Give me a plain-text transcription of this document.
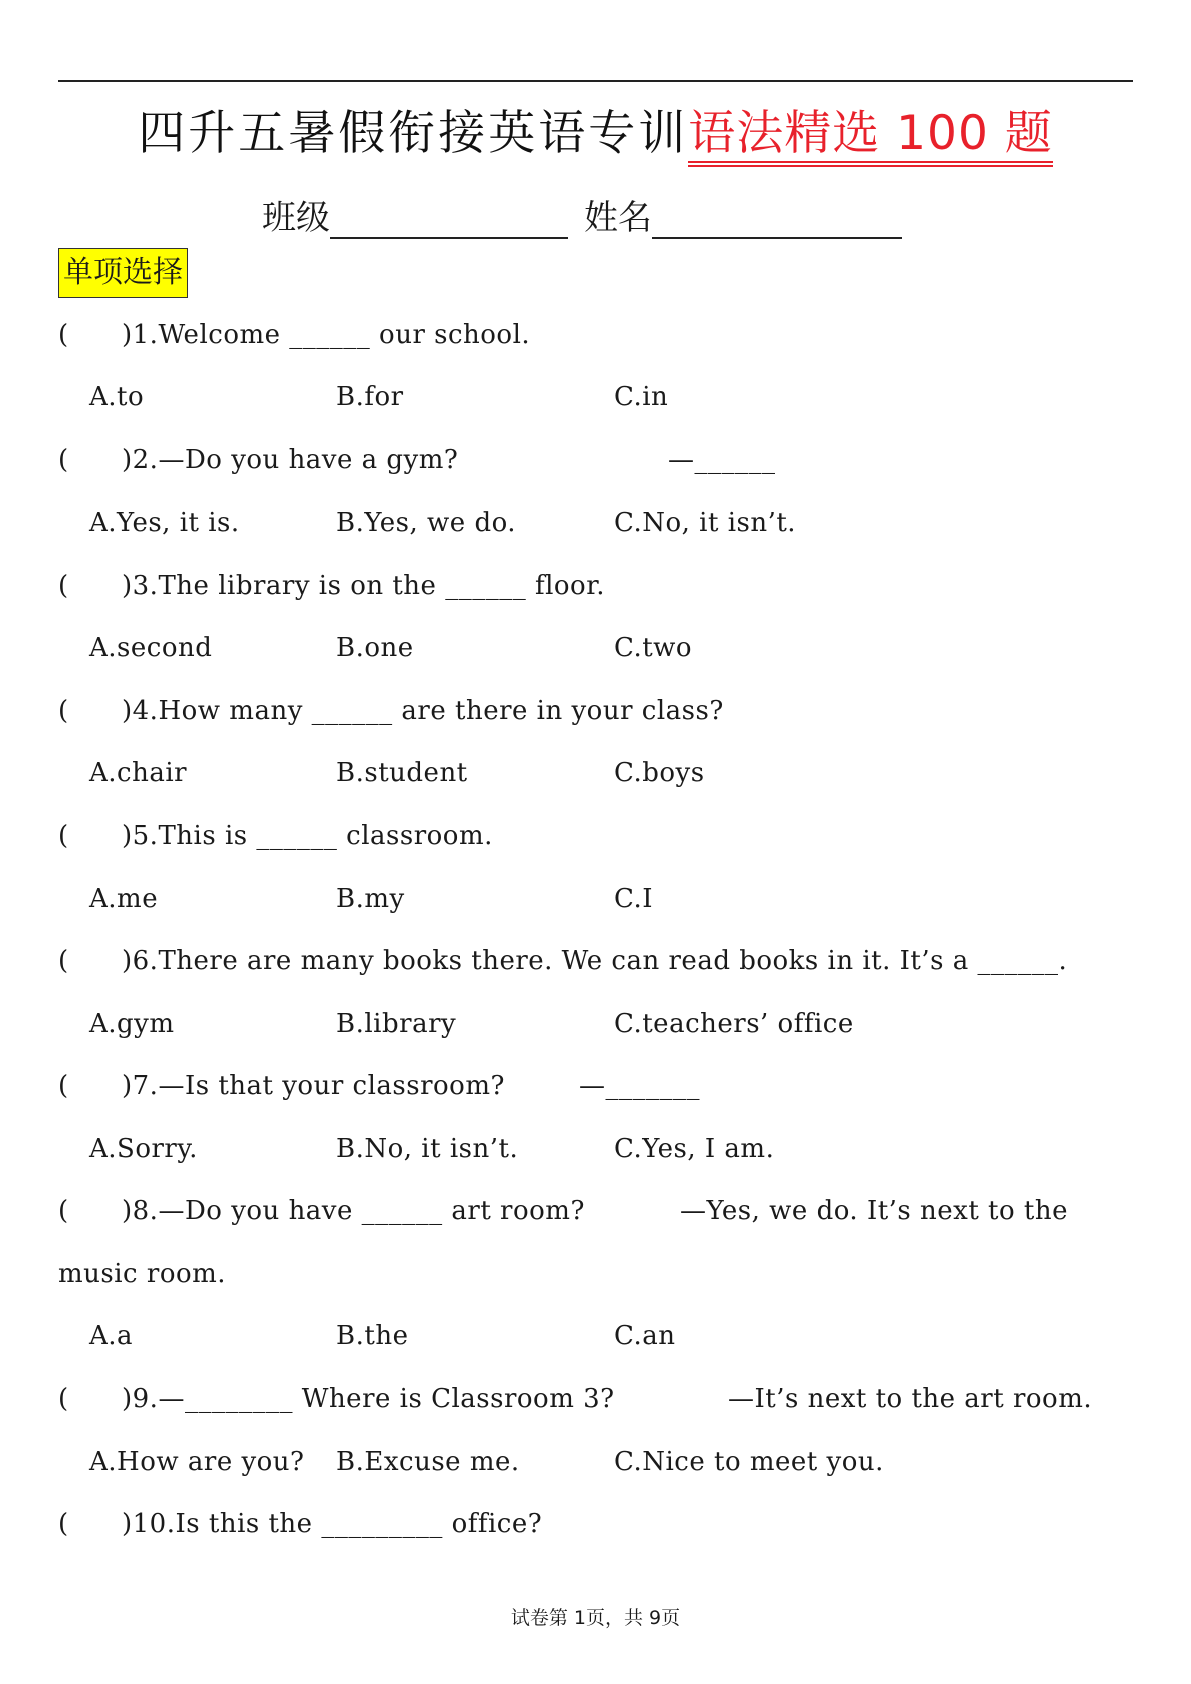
四升五暑假衔接英语专训语法精选 100 题
班级	姓名
单项选择
( )1.Welcome ______ our school.
A.to	B.for	C.in
( )2.—Do you have a gym?	—______
A.Yes, it is.	B.Yes, we do.	C.No, it isn’t.
( )3.The library is on the ______ floor.
A.second	B.one	C.two
( )4.How many ______ are there in your class?
A.chair	B.student	C.boys
( )5.This is ______ classroom.
A.me	B.my	C.I
( )6.There are many books there. We can read books in it. It’s a ______.
A.gym	B.library	C.teachers’ office
( )7.—Is that your classroom?	—_______
A.Sorry.	B.No, it isn’t.	C.Yes, I am.
( )8.—Do you have ______ art room?	—Yes, we do. It’s next to the
music room.
A.a	B.the	C.an
( )9.—________ Where is Classroom 3?	—It’s next to the art room.
A.How are you? B.Excuse me.	C.Nice to meet you.
( )10.Is this the _________ office?
试卷第 1页，共 9页
